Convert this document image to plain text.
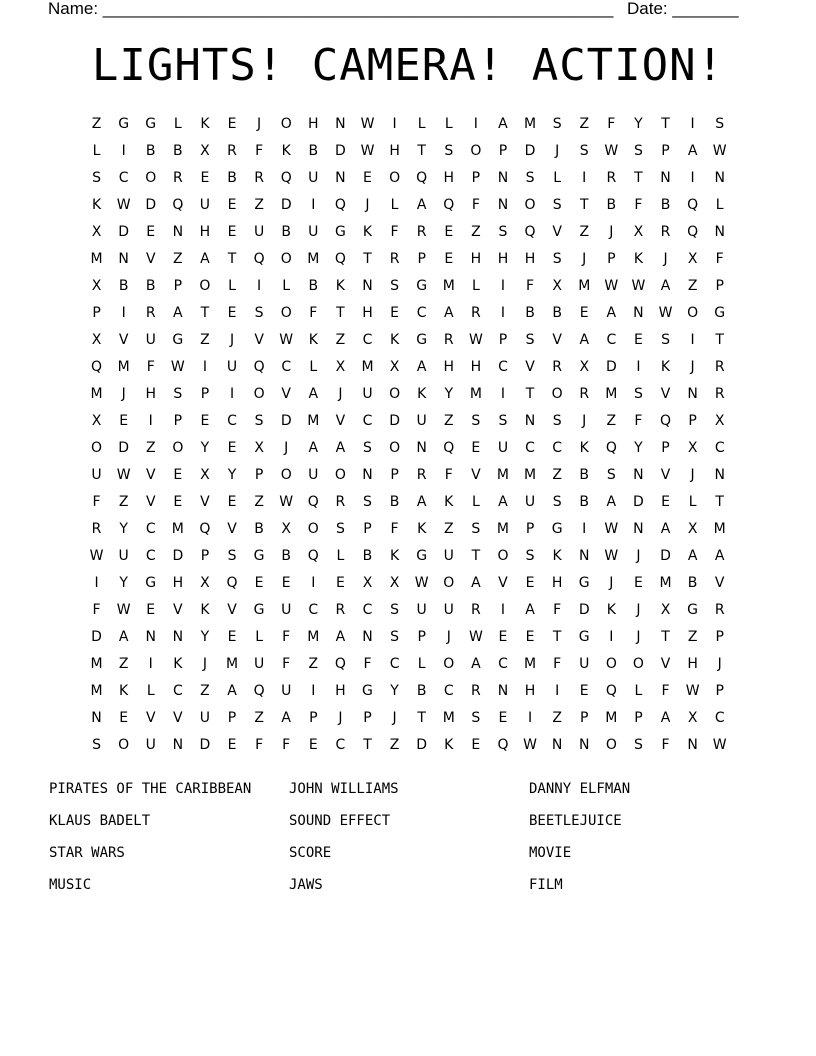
Name: ______________________________________________________ Date: _______
LIGHTS! CAMERA! ACTION!
Z	G	G	L	K	E	J	O	H	N	W	I	L	L	I	A	M	S	Z	F	Y	T	I	S
L	I	B	B	X	R	F	K	B	D	W	H	T	S	O	P	D	J	S	W	S	P	A	W
S	C	O	R	E	B	R	Q	U	N	E	O	Q	H	P	N	S	L	I	R	T	N	I	N
K	W	D	Q	U	E	Z	D	I	Q	J	L	A	Q	F	N	O	S	T	B	F	B	Q	L
X	D	E	N	H	E	U	B	U	G	K	F	R	E	Z	S	Q	V	Z	J	X	R	Q	N
M	N	V	Z	A	T	Q	O	M	Q	T	R	P	E	H	H	H	S	J	P	K	J	X	F
X	B	B	P	O	L	I	L	B	K	N	S	G	M	L	I	F	X	M	W W	A	Z	P
P	I	R	A	T	E	S	O	F	T	H	E	C	A	R	I	B	B	E	A	N	W	O	G
X	V	U	G	Z	J	V	W	K	Z	C	K	G	R	W	P	S	V	A	C	E	S	I	T
Q	M	F	W	I	U	Q	C	L	X	M	X	A	H	H	C	V	R	X	D	I	K	J	R
M	J	H	S	P	I	O	V	A	J	U	O	K	Y	M	I	T	O	R	M	S	V	N	R
X	E	I	P	E	C	S	D	M	V	C	D	U	Z	S	S	N	S	J	Z	F	Q	P	X
O	D	Z	O	Y	E	X	J	A	A	S	O	N	Q	E	U	C	C	K	Q	Y	P	X	C
U	W	V	E	X	Y	P	O	U	O	N	P	R	F	V	M	M	Z	B	S	N	V	J	N
F	Z	V	E	V	E	Z	W	Q	R	S	B	A	K	L	A	U	S	B	A	D	E	L	T
R	Y	C	M	Q	V	B	X	O	S	P	F	K	Z	S	M	P	G	I	W	N	A	X	M
W	U	C	D	P	S	G	B	Q	L	B	K	G	U	T	O	S	K	N	W	J	D	A	A
I	Y	G	H	X	Q	E	E	I	E	X	X	W	O	A	V	E	H	G	J	E	M	B	V
F	W	E	V	K	V	G	U	C	R	C	S	U	U	R	I	A	F	D	K	J	X	G	R
D	A	N	N	Y	E	L	F	M	A	N	S	P	J	W	E	E	T	G	I	J	T	Z	P
M	Z	I	K	J	M	U	F	Z	Q	F	C	L	O	A	C	M	F	U	O	O	V	H	J
M	K	L	C	Z	A	Q	U	I	H	G	Y	B	C	R	N	H	I	E	Q	L	F	W	P
N	E	V	V	U	P	Z	A	P	J	P	J	T	M	S	E	I	Z	P	M	P	A	X	C
S	O	U	N	D	E	F	F	E	C	T	Z	D	K	E	Q	W	N	N	O	S	F	N	W
PIRATES OF THE CARIBBEAN	JOHN WILLIAMS	DANNY ELFMAN
KLAUS BADELT	SOUND EFFECT	BEETLEJUICE
STAR WARS	SCORE	MOVIE
MUSIC	JAWS	FILM
